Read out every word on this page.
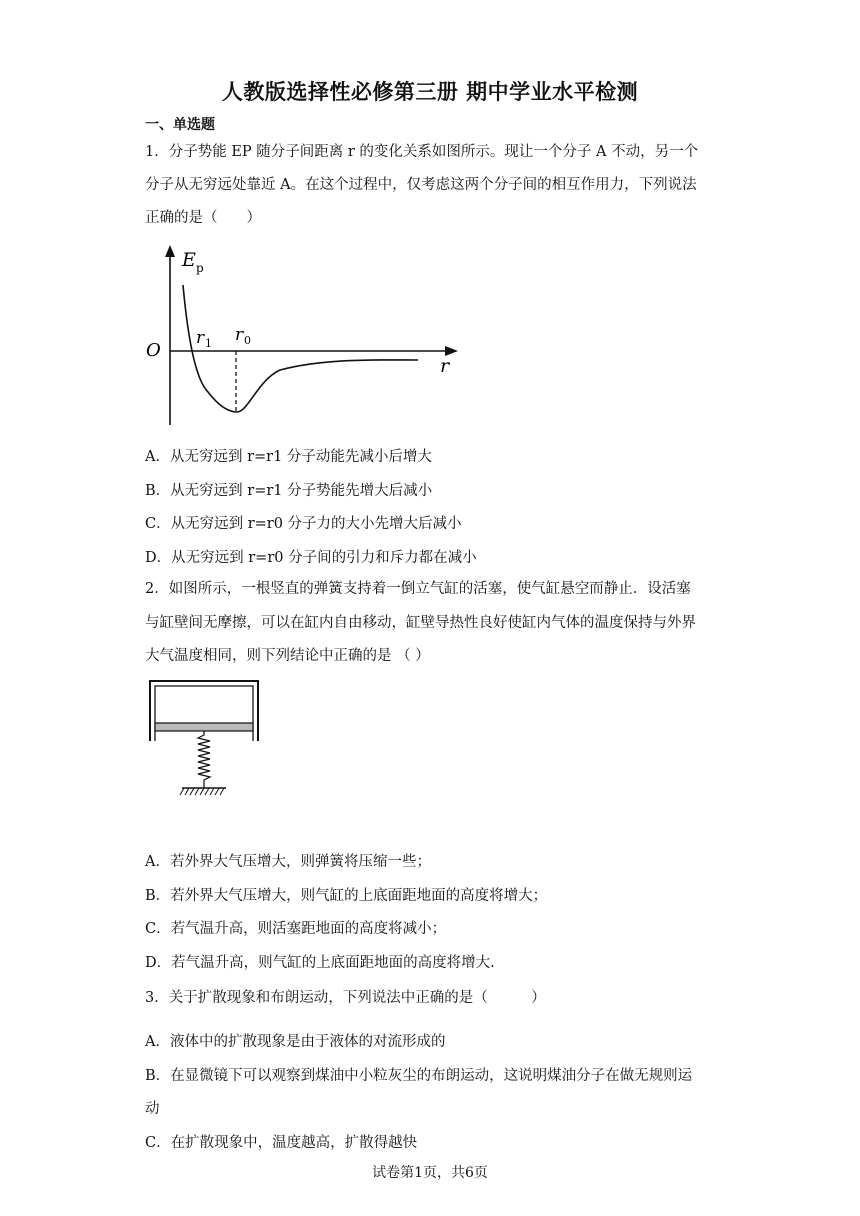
人教版选择性必修第三册 期中学业水平检测
一、单选题
1．分子势能 EP 随分子间距离 r 的变化关系如图所示。现让一个分子 A 不动，另一个
分子从无穷远处靠近 A。在这个过程中，仅考虑这两个分子间的相互作用力，下列说法
正确的是（　　）
E p
O
r 1 r 0
r
A．从无穷远到 r=r1 分子动能先减小后增大
B．从无穷远到 r=r1 分子势能先增大后减小
C．从无穷远到 r=r0 分子力的大小先增大后减小
D．从无穷远到 r=r0 分子间的引力和斥力都在减小
2．如图所示，一根竖直的弹簧支持着一倒立气缸的活塞，使气缸悬空而静止．设活塞
与缸壁间无摩擦，可以在缸内自由移动，缸壁导热性良好使缸内气体的温度保持与外界
大气温度相同，则下列结论中正确的是 （ ）
A．若外界大气压增大，则弹簧将压缩一些；
B．若外界大气压增大，则气缸的上底面距地面的高度将增大；
C．若气温升高，则活塞距地面的高度将减小；
D．若气温升高，则气缸的上底面距地面的高度将增大.
3．关于扩散现象和布朗运动，下列说法中正确的是（　　　）
A．液体中的扩散现象是由于液体的对流形成的
B．在显微镜下可以观察到煤油中小粒灰尘的布朗运动，这说明煤油分子在做无规则运
动
C．在扩散现象中，温度越高，扩散得越快
试卷第1页，共6页
